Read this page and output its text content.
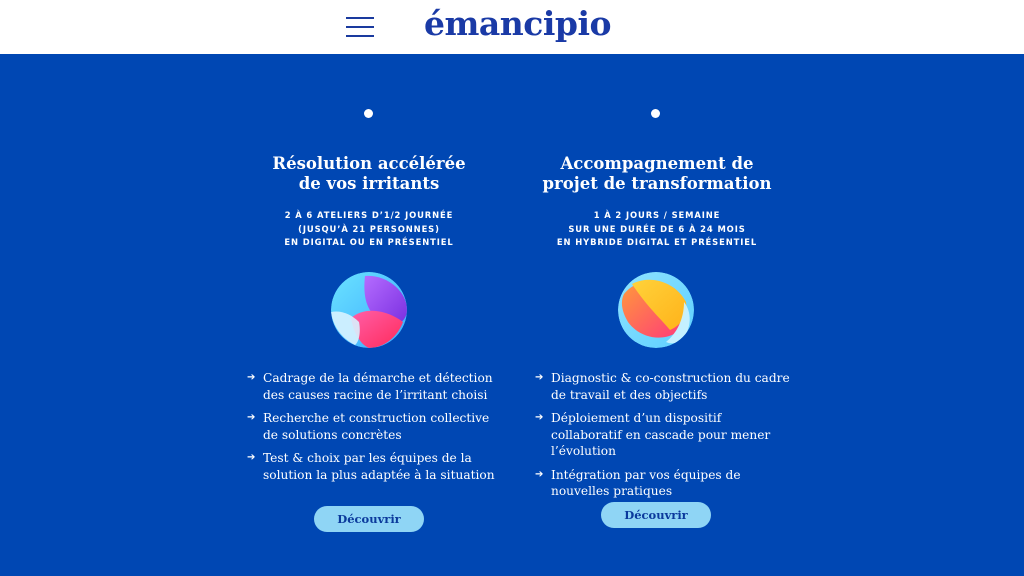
émancipio
Résolution accélérée
de vos irritants
2 À 6 ATELIERS D’1/2 JOURNÉE
(JUSQU’À 21 PERSONNES)
EN DIGITAL OU EN PRÉSENTIEL
➔ Cadrage de la démarche et détection des causes racine de l’irritant choisi
➔ Recherche et construction collective de solutions concrètes
➔ Test & choix par les équipes de la solution la plus adaptée à la situation
Découvrir
Accompagnement de
projet de transformation
1 À 2 JOURS / SEMAINE
SUR UNE DURÉE DE 6 À 24 MOIS
EN HYBRIDE DIGITAL ET PRÉSENTIEL
➔ Diagnostic & co-construction du cadre de travail et des objectifs
➔ Déploiement d’un dispositif collaboratif en cascade pour mener l’évolution
➔ Intégration par vos équipes de nouvelles pratiques
Découvrir
